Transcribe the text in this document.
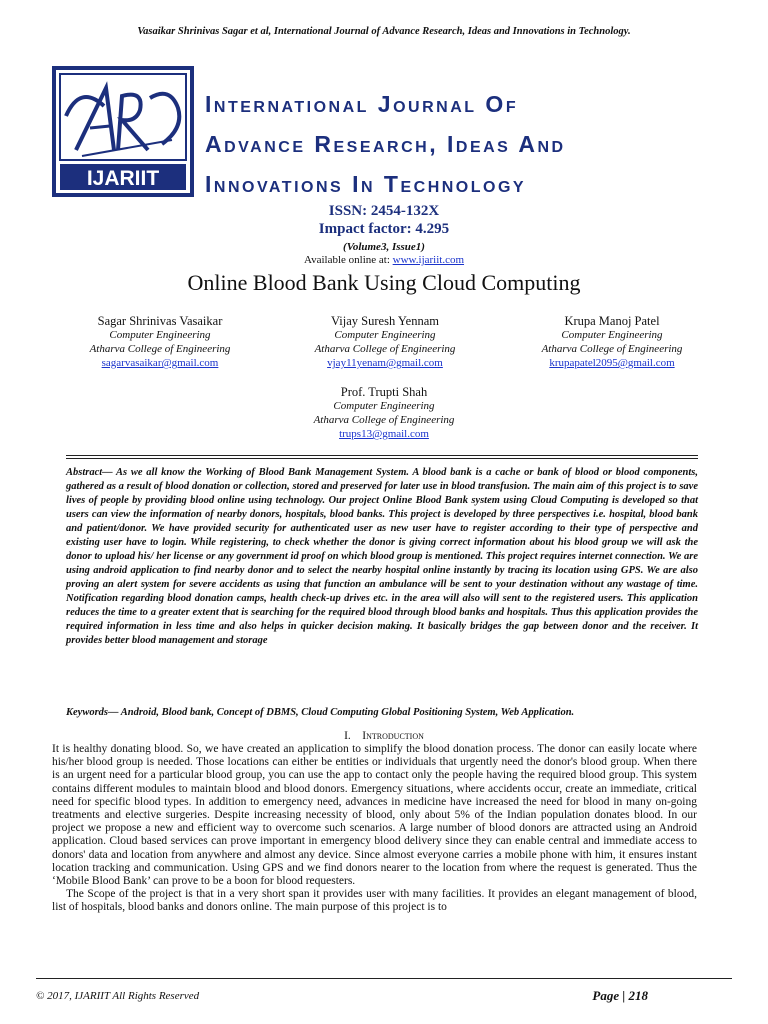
Vasaikar Shrinivas Sagar et al, International Journal of Advance Research, Ideas and Innovations in Technology.
IJARIIT
International Journal Of
Advance Research, Ideas And
Innovations In Technology
ISSN: 2454-132X
Impact factor: 4.295
(Volume3, Issue1)
Available online at: www.ijariit.com
Online Blood Bank Using Cloud Computing
Sagar Shrinivas Vasaikar
Computer Engineering
Atharva College of Engineering
sagarvasaikar@gmail.com
Vijay Suresh Yennam
Computer Engineering
Atharva College of Engineering
vjay11yenam@gmail.com
Krupa Manoj Patel
Computer Engineering
Atharva College of Engineering
krupapatel2095@gmail.com
Prof. Trupti Shah
Computer Engineering
Atharva College of Engineering
trups13@gmail.com
Abstract— As we all know the Working of Blood Bank Management System. A blood bank is a cache or bank of blood or blood components, gathered as a result of blood donation or collection, stored and preserved for later use in blood transfusion. The main aim of this project is to save lives of people by providing blood online using technology. Our project Online Blood Bank system using Cloud Computing is developed so that users can view the information of nearby donors, hospitals, blood banks. This project is developed by three perspectives i.e. hospital, blood bank and patient/donor. We have provided security for authenticated user as new user have to register according to their type of perspective and existing user have to login. While registering, to check whether the donor is giving correct information about his blood group we will ask the donor to upload his/ her license or any government id proof on which blood group is mentioned. This project requires internet connection. We are using android application to find nearby donor and to select the nearby hospital online instantly by tracing its location using GPS. We are also proving an alert system for severe accidents as using that function an ambulance will be sent to your destination without any wastage of time. Notification regarding blood donation camps, health check-up drives etc. in the area will also will sent to the registered users. This application reduces the time to a greater extent that is searching for the required blood through blood banks and hospitals. Thus this application provides the required information in less time and also helps in quicker decision making. It basically bridges the gap between donor and the receiver. It provides better blood management and storage
Keywords— Android, Blood bank, Concept of DBMS, Cloud Computing Global Positioning System, Web Application.
I. Introduction

It is healthy donating blood. So, we have created an application to simplify the blood donation process. The donor can easily locate where his/her blood group is needed. Those locations can either be entities or individuals that urgently need the donor's blood group. When there is an urgent need for a particular blood group, you can use the app to contact only the people having the required blood group. This system contains different modules to maintain blood and blood donors. Emergency situations, where accidents occur, create an immediate, critical need for specific blood types. In addition to emergency need, advances in medicine have increased the need for blood in many on-going treatments and elective surgeries. Despite increasing necessity of blood, only about 5% of the Indian population donates blood. In our project we propose a new and efficient way to overcome such scenarios. A large number of blood donors are attracted using an Android application. Cloud based services can prove important in emergency blood delivery since they can enable central and immediate access to donors' data and location from anywhere and almost any device. Since almost everyone carries a mobile phone with him, it ensures instant location tracking and communication. Using GPS and we find donors nearer to the location from where the request is generated. Thus the ‘Mobile Blood Bank’ can prove to be a boon for blood requesters.

The Scope of the project is that in a very short span it provides user with many facilities. It provides an elegant management of blood, list of hospitals, blood banks and donors online. The main purpose of this project is to

© 2017, IJARIIT All Rights Reserved	Page | 218
